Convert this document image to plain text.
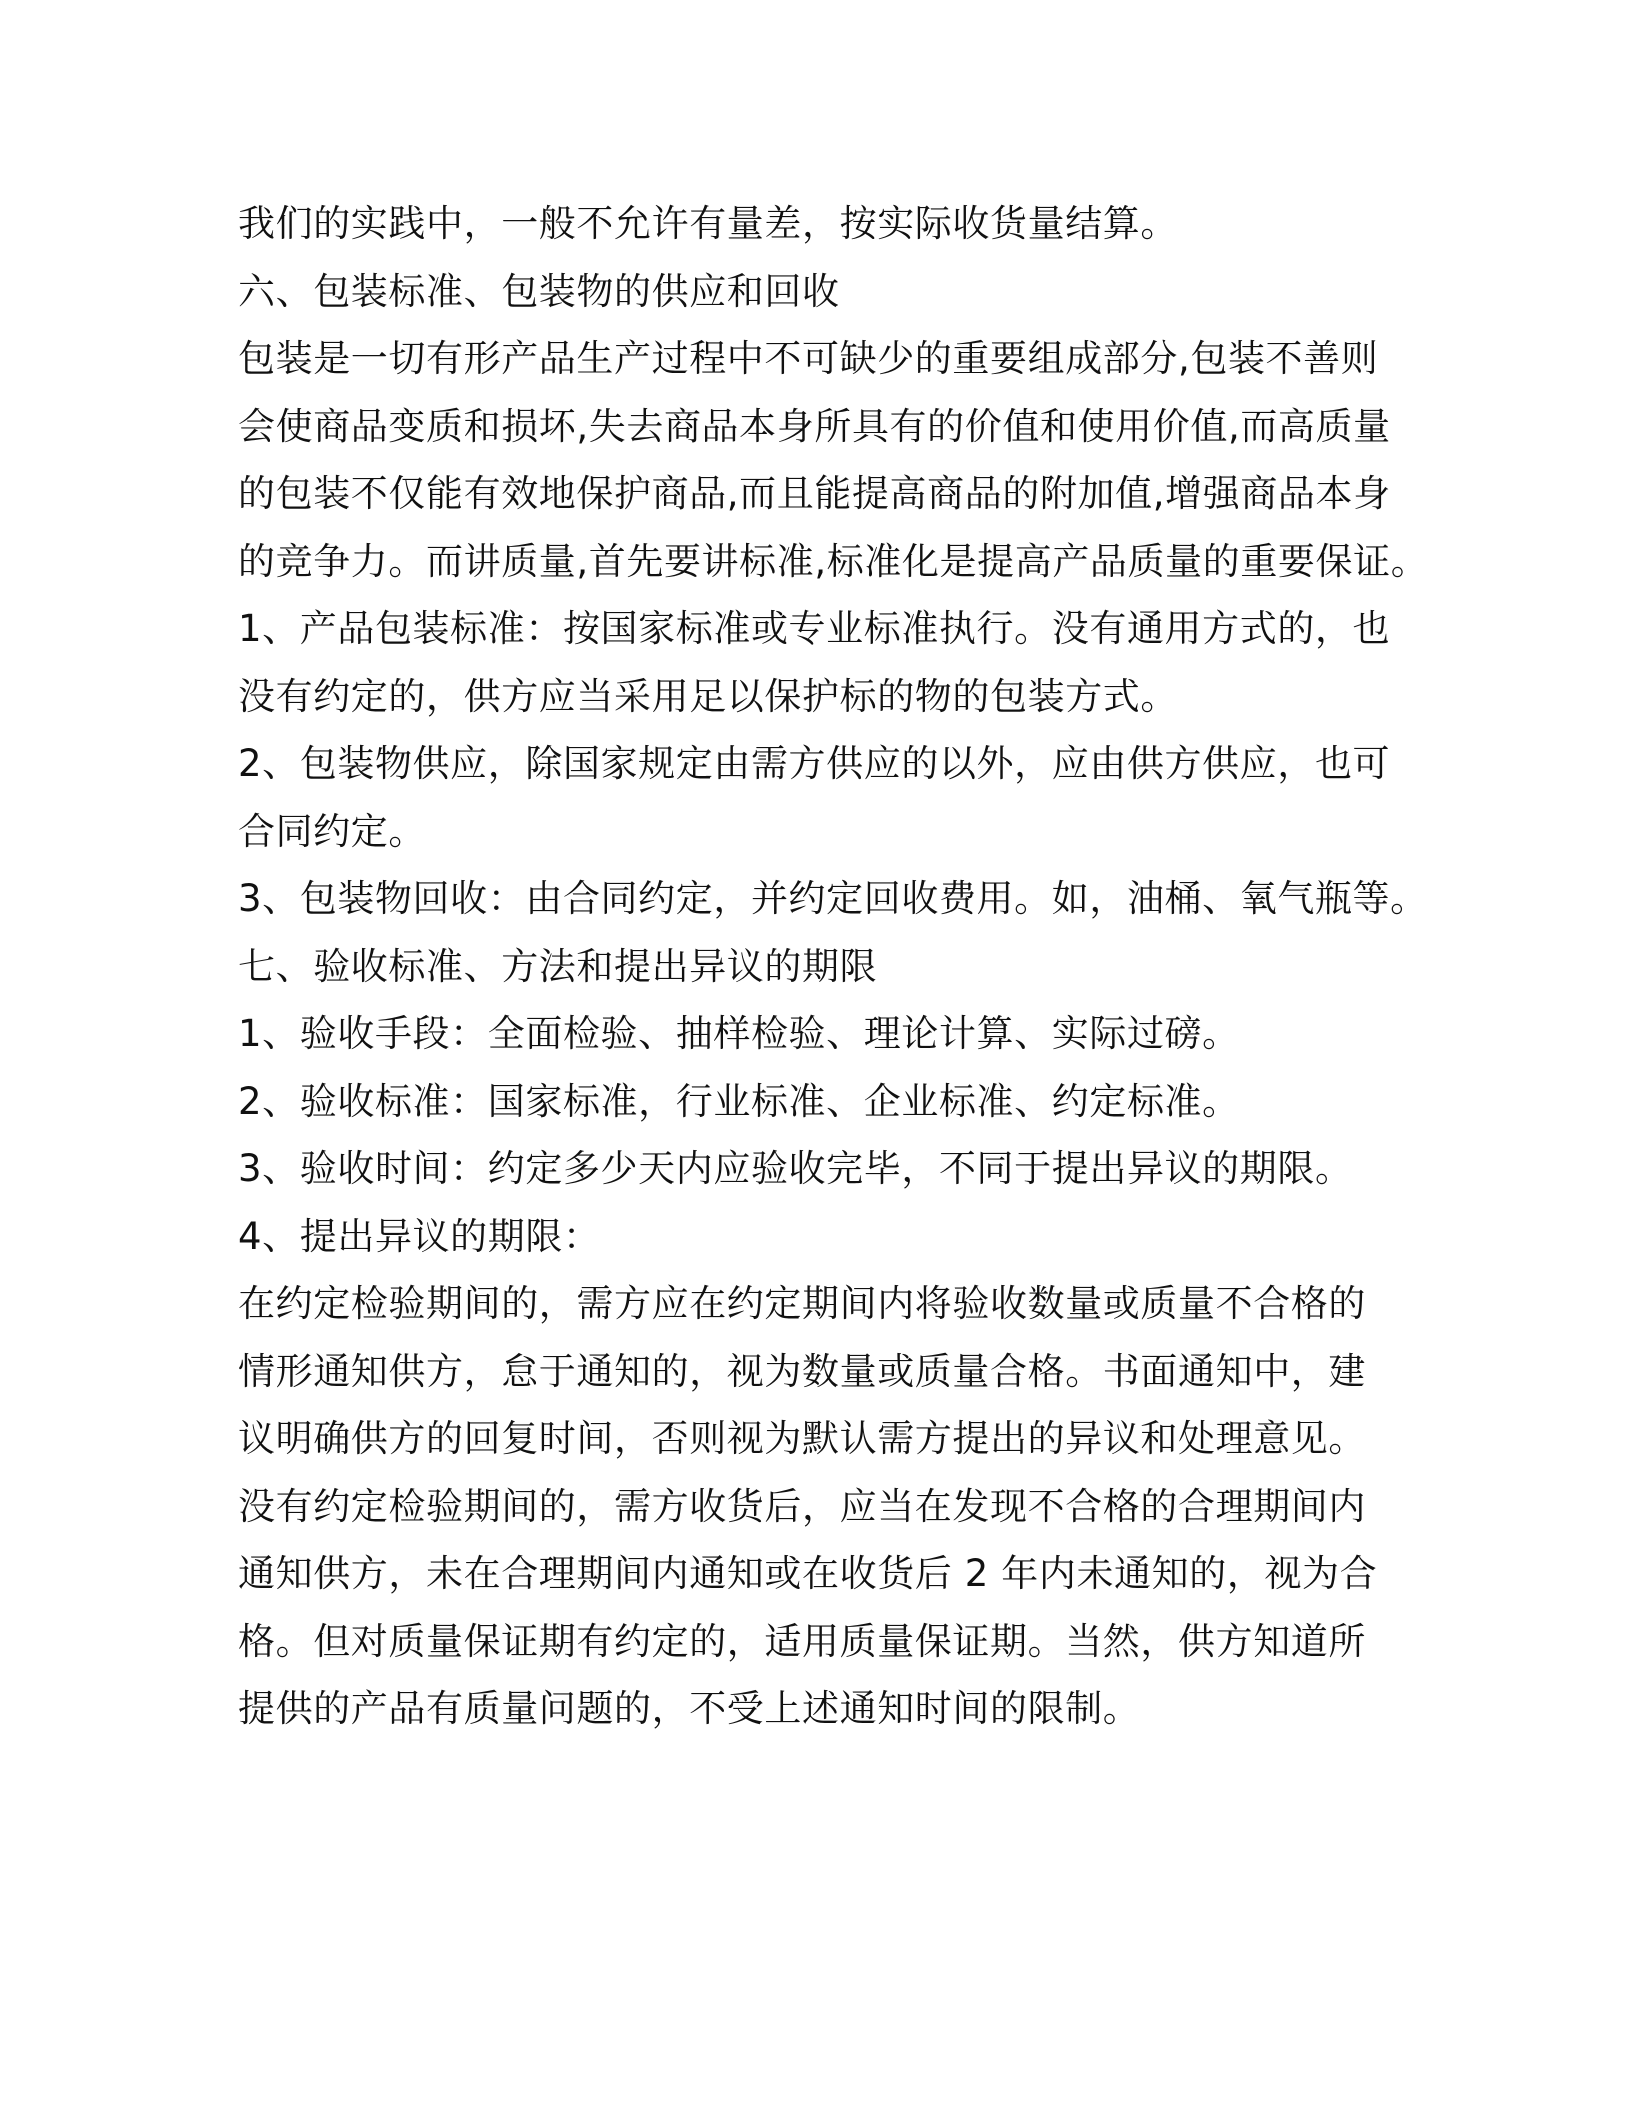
我们的实践中，一般不允许有量差，按实际收货量结算。
六、包装标准、包装物的供应和回收
包装是一切有形产品生产过程中不可缺少的重要组成部分,包装不善则
会使商品变质和损坏,失去商品本身所具有的价值和使用价值,而高质量
的包装不仅能有效地保护商品,而且能提高商品的附加值,增强商品本身
的竞争力。而讲质量,首先要讲标准,标准化是提高产品质量的重要保证。
1、产品包装标准：按国家标准或专业标准执行。没有通用方式的，也
没有约定的，供方应当采用足以保护标的物的包装方式。
2、包装物供应，除国家规定由需方供应的以外，应由供方供应，也可
合同约定。
3、包装物回收：由合同约定，并约定回收费用。如，油桶、氧气瓶等。
七、验收标准、方法和提出异议的期限
1、验收手段：全面检验、抽样检验、理论计算、实际过磅。
2、验收标准：国家标准，行业标准、企业标准、约定标准。
3、验收时间：约定多少天内应验收完毕，不同于提出异议的期限。
4、提出异议的期限：
在约定检验期间的，需方应在约定期间内将验收数量或质量不合格的
情形通知供方，怠于通知的，视为数量或质量合格。书面通知中，建
议明确供方的回复时间，否则视为默认需方提出的异议和处理意见。
没有约定检验期间的，需方收货后，应当在发现不合格的合理期间内
通知供方，未在合理期间内通知或在收货后 2 年内未通知的，视为合
格。但对质量保证期有约定的，适用质量保证期。当然，供方知道所
提供的产品有质量问题的，不受上述通知时间的限制。
